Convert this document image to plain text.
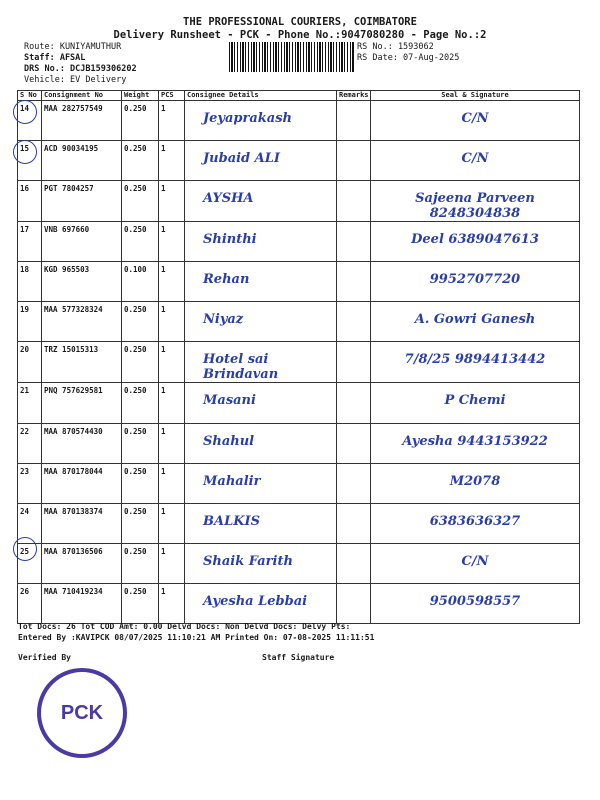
THE PROFESSIONAL COURIERS, COIMBATORE
Delivery Runsheet - PCK - Phone No.:9047080280 - Page No.:2
Route: KUNIYAMUTHUR
Staff: AFSAL
DRS No.: DCJB159306202
Vehicle: EV Delivery
RS No.: 1593062
RS Date: 07-Aug-2025
S No	Consignment No	Weight	PCS	Consignee Details	Remarks	Seal & Signature
14	MAA 282757549	0.250	1	Jeyaprakash		C/N
15	ACD 90034195	0.250	1	Jubaid ALI		C/N
16	PGT 7804257	0.250	1	AYSHA		Sajeena Parveen 8248304838
17	VNB 697660	0.250	1	Shinthi		Deel 6389047613
18	KGD 965503	0.100	1	Rehan		9952707720
19	MAA 577328324	0.250	1	Niyaz		A. Gowri Ganesh
20	TRZ 15015313	0.250	1	Hotel sai Brindavan		7/8/25 9894413442
21	PNQ 757629581	0.250	1	Masani		P Chemi
22	MAA 870574430	0.250	1	Shahul		Ayesha 9443153922
23	MAA 870178044	0.250	1	Mahalir		M2078
24	MAA 870138374	0.250	1	BALKIS		6383636327
25	MAA 870136506	0.250	1	Shaik Farith		C/N
26	MAA 710419234	0.250	1	Ayesha Lebbai		9500598557
Tot Docs: 26 Tot COD Amt: 0.00 Delvd Docs: Non Delvd Docs: Delvy Pts:
Entered By :KAVIPCK 08/07/2025 11:10:21 AM Printed On: 07-08-2025 11:11:51
Verified By	Staff Signature
PCK
